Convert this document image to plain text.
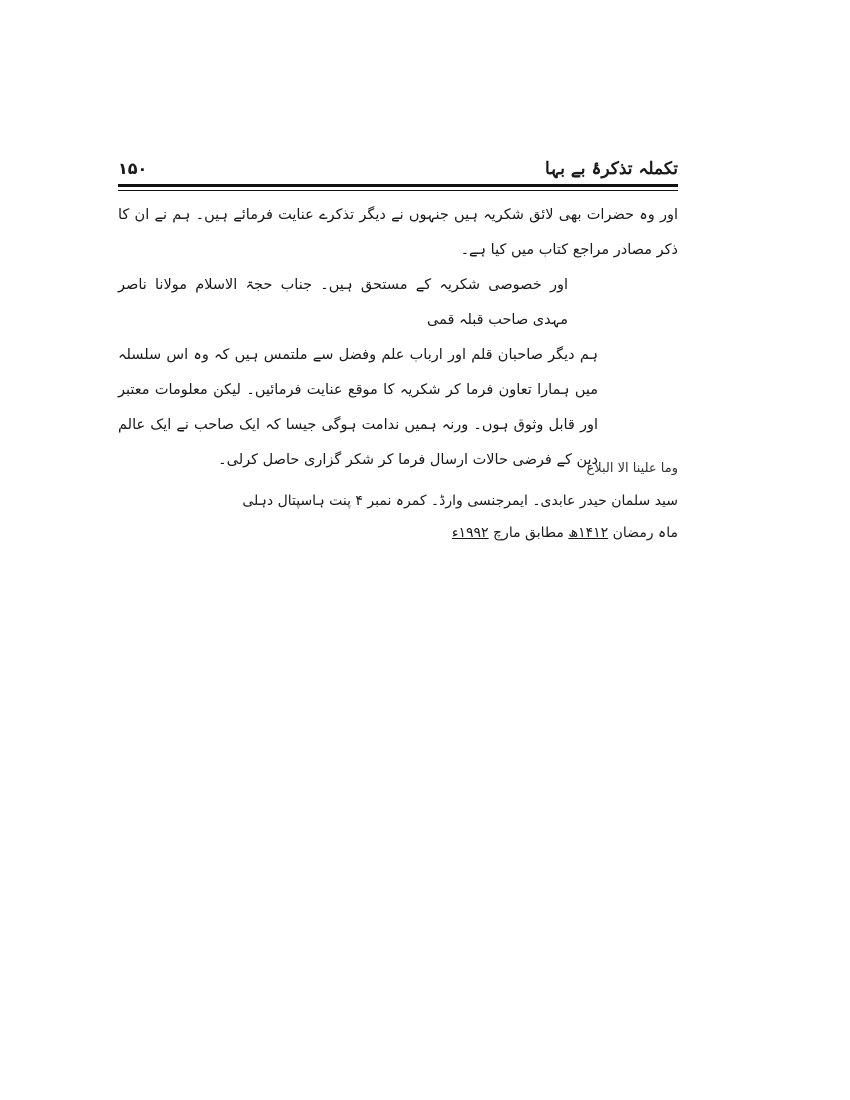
۱۵۰	تکملہ تذکرۂ بے بہا

اور وہ حضرات بھی لائق شکریہ ہیں جنہوں نے دیگر تذکرے عنایت فرمائے ہیں۔ ہم نے ان کا ذکر مصادر مراجع کتاب میں کیا ہے۔

اور خصوصی شکریہ کے مستحق ہیں۔ جناب حجۃ الاسلام مولانا ناصر مہدی صاحب قبلہ قمی

ہم دیگر صاحبان قلم اور ارباب علم وفضل سے ملتمس ہیں کہ وہ اس سلسلہ میں ہمارا تعاون فرما کر شکریہ کا موقع عنایت فرمائیں۔ لیکن معلومات معتبر اور قابل وثوق ہوں۔ ورنہ ہمیں ندامت ہوگی جیسا کہ ایک صاحب نے ایک عالم دین کے فرضی حالات ارسال فرما کر شکر گزاری حاصل کرلی۔

وما علینا الا البلاغ
سید سلمان حیدر عابدی۔ ایمرجنسی وارڈ۔ کمرہ نمبر ۴ پنت ہاسپتال دہلی
ماہ رمضان ۱۴۱۲ھ مطابق مارچ ۱۹۹۲ء
